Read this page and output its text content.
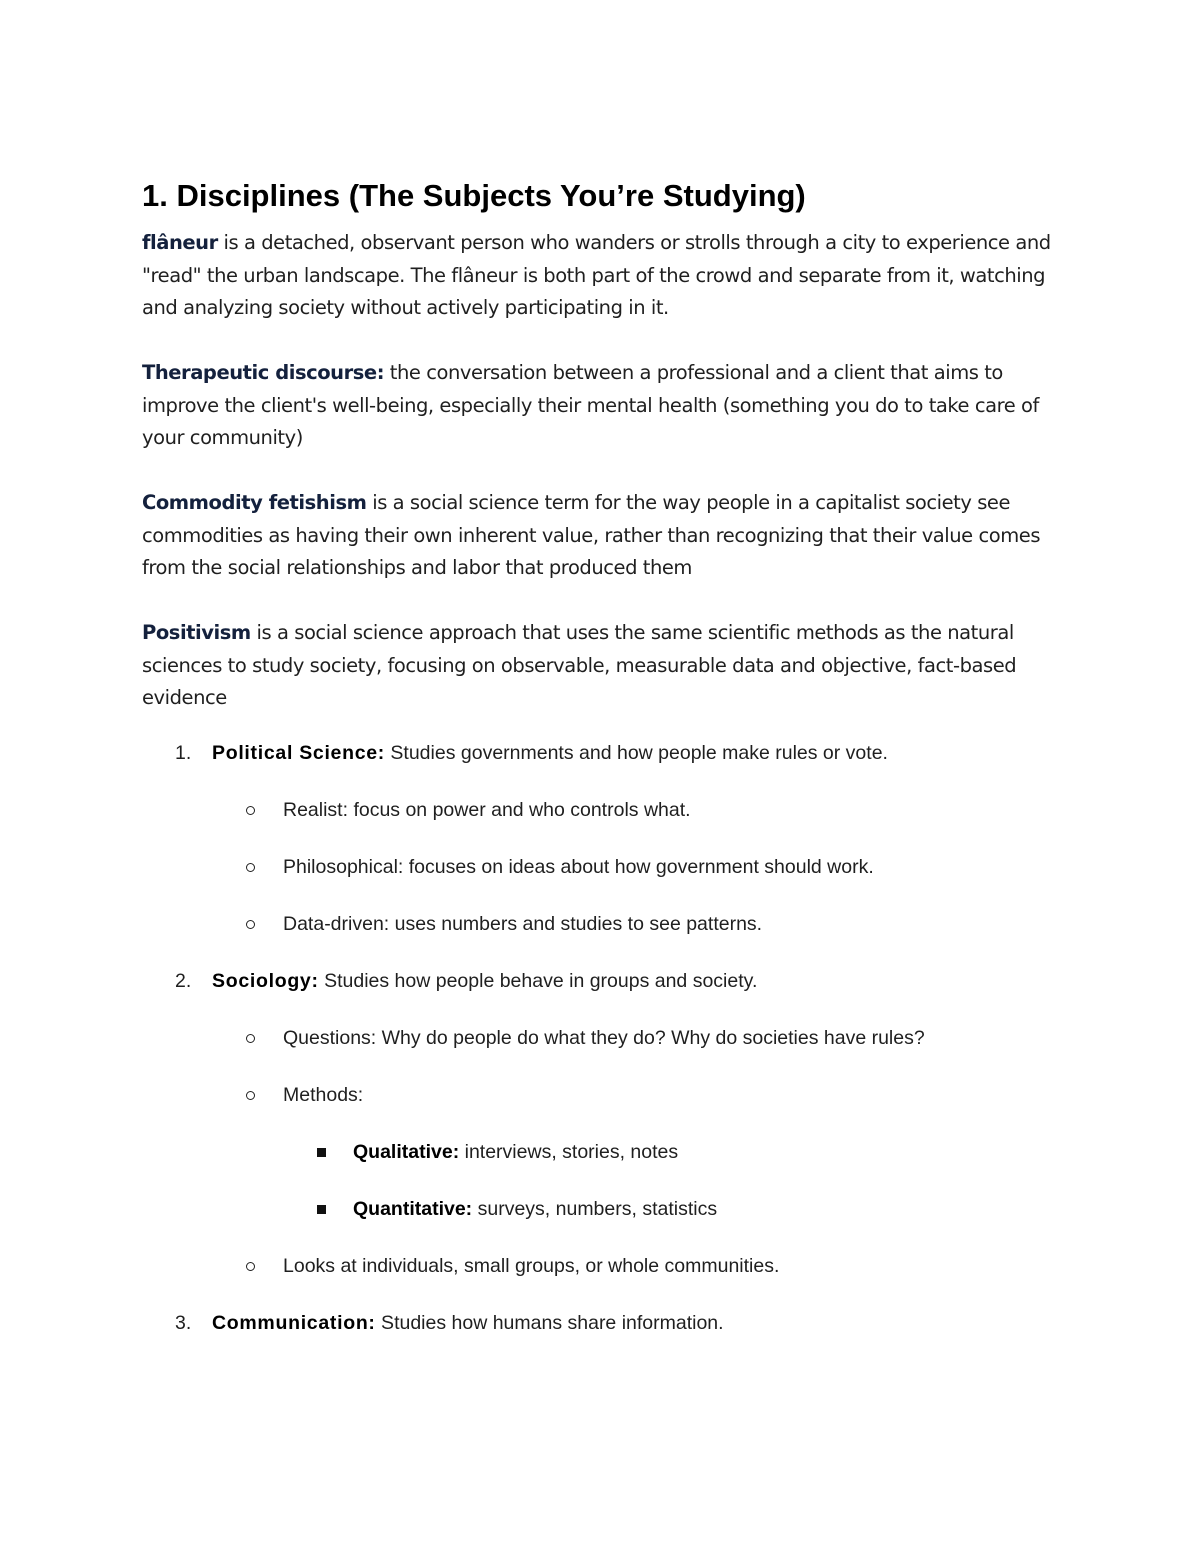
1. Disciplines (The Subjects You’re Studying)

flâneur is a detached, observant person who wanders or strolls through a city to experience and "read" the urban landscape. The flâneur is both part of the crowd and separate from it, watching and analyzing society without actively participating in it.

Therapeutic discourse: the conversation between a professional and a client that aims to improve the client's well-being, especially their mental health (something you do to take care of your community)

Commodity fetishism is a social science term for the way people in a capitalist society see commodities as having their own inherent value, rather than recognizing that their value comes from the social relationships and labor that produced them

Positivism is a social science approach that uses the same scientific methods as the natural sciences to study society, focusing on observable, measurable data and objective, fact-based evidence

1. Political Science: Studies governments and how people make rules or vote.
Realist: focus on power and who controls what.
Philosophical: focuses on ideas about how government should work.
Data-driven: uses numbers and studies to see patterns.
2. Sociology: Studies how people behave in groups and society.
Questions: Why do people do what they do? Why do societies have rules?
Methods:
Qualitative: interviews, stories, notes
Quantitative: surveys, numbers, statistics
Looks at individuals, small groups, or whole communities.
3. Communication: Studies how humans share information.
